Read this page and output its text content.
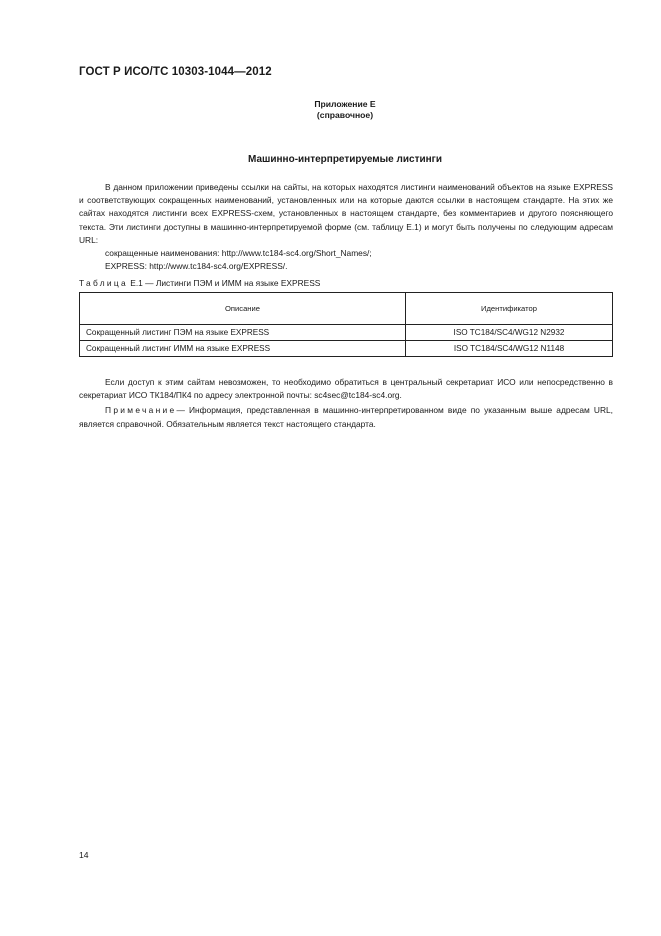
ГОСТ Р ИСО/ТС 10303-1044—2012
Приложение Е
(справочное)
Машинно-интерпретируемые листинги

В данном приложении приведены ссылки на сайты, на которых находятся листинги наименований объектов на языке EXPRESS и соответствующих сокращенных наименований, установленных или на которые даются ссылки в настоящем стандарте. На этих же сайтах находятся листинги всех EXPRESS-схем, установленных в настоящем стандарте, без комментариев и другого поясняющего текста. Эти листинги доступны в машинно-интерпретируемой форме (см. таблицу Е.1) и могут быть получены по следующим адресам URL:

сокращенные наименования: http://www.tc184-sc4.org/Short_Names/;
EXPRESS: http://www.tc184-sc4.org/EXPRESS/.
Таблица Е.1 — Листинги ПЭМ и ИММ на языке EXPRESS
Описание	Идентификатор
Сокращенный листинг ПЭМ на языке EXPRESS	ISO TC184/SC4/WG12 N2932
Сокращенный листинг ИММ на языке EXPRESS	ISO TC184/SC4/WG12 N1148

Если доступ к этим сайтам невозможен, то необходимо обратиться в центральный секретариат ИСО или непосредственно в секретариат ИСО ТК184/ПК4 по адресу электронной почты: sc4sec@tc184-sc4.org.

Примечание— Информация, представленная в машинно-интерпретированном виде по указанным выше адресам URL, является справочной. Обязательным является текст настоящего стандарта.

14
